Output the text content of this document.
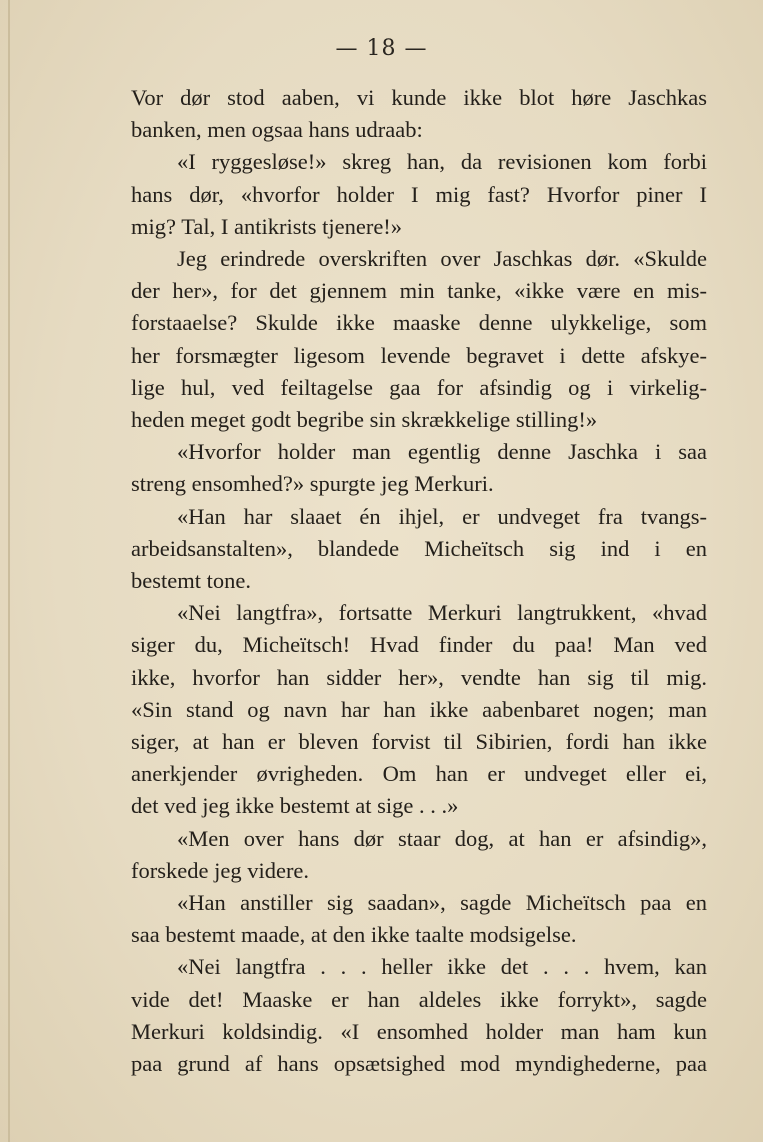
— 18 —
Vor dør stod aaben, vi kunde ikke blot høre Jaschkas
banken, men ogsaa hans udraab:
«I ryggesløse!» skreg han, da revisionen kom forbi
hans dør, «hvorfor holder I mig fast? Hvorfor piner I
mig? Tal, I antikrists tjenere!»
Jeg erindrede overskriften over Jaschkas dør. «Skulde
der her», for det gjennem min tanke, «ikke være en mis-
forstaaelse? Skulde ikke maaske denne ulykkelige, som
her forsmægter ligesom levende begravet i dette afskye-
lige hul, ved feiltagelse gaa for afsindig og i virkelig-
heden meget godt begribe sin skrækkelige stilling!»
«Hvorfor holder man egentlig denne Jaschka i saa
streng ensomhed?» spurgte jeg Merkuri.
«Han har slaaet én ihjel, er undveget fra tvangs-
arbeidsanstalten», blandede Micheïtsch sig ind i en
bestemt tone.
«Nei langtfra», fortsatte Merkuri langtrukkent, «hvad
siger du, Micheïtsch! Hvad finder du paa! Man ved
ikke, hvorfor han sidder her», vendte han sig til mig.
«Sin stand og navn har han ikke aabenbaret nogen; man
siger, at han er bleven forvist til Sibirien, fordi han ikke
anerkjender øvrigheden. Om han er undveget eller ei,
det ved jeg ikke bestemt at sige . . .»
«Men over hans dør staar dog, at han er afsindig»,
forskede jeg videre.
«Han anstiller sig saadan», sagde Micheïtsch paa en
saa bestemt maade, at den ikke taalte modsigelse.
«Nei langtfra . . . heller ikke det . . . hvem, kan
vide det! Maaske er han aldeles ikke forrykt», sagde
Merkuri koldsindig. «I ensomhed holder man ham kun
paa grund af hans opsætsighed mod myndighederne, paa
